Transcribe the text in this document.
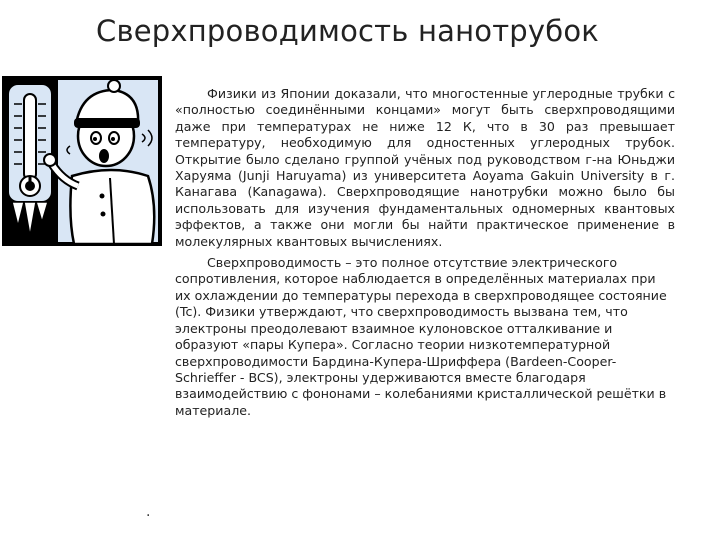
Сверхпроводимость нанотрубок

Физики из Японии доказали, что многостенные углеродные трубки с «полностью соединёнными концами» могут быть сверхпроводящими даже при температурах не ниже 12 К, что в 30 раз превышает температуру, необходимую для одностенных углеродных трубок. Открытие было сделано группой учёных под руководством г-на Юньджи Харуяма (Junji Haruyama) из университета Aoyama Gakuin University в г. Канагава (Kanagawa). Сверхпроводящие нанотрубки можно было бы использовать для изучения фундаментальных одномерных квантовых эффектов, а также они могли бы найти практическое применение в молекулярных квантовых вычислениях.

Сверхпроводимость – это полное отсутствие электрического сопротивления, которое наблюдается в определённых материалах при их охлаждении до температуры перехода в сверхпроводящее состояние (Tc). Физики утверждают, что сверхпроводимость вызвана тем, что электроны преодолевают взаимное кулоновское отталкивание и образуют «пары Купера». Согласно теории низкотемпературной сверхпроводимости Бардина-Купера-Шриффера (Bardeen-Cooper-Schrieffer - BCS), электроны удерживаются вместе благодаря взаимодействию с фононами – колебаниями кристаллической решётки в материале.

.
